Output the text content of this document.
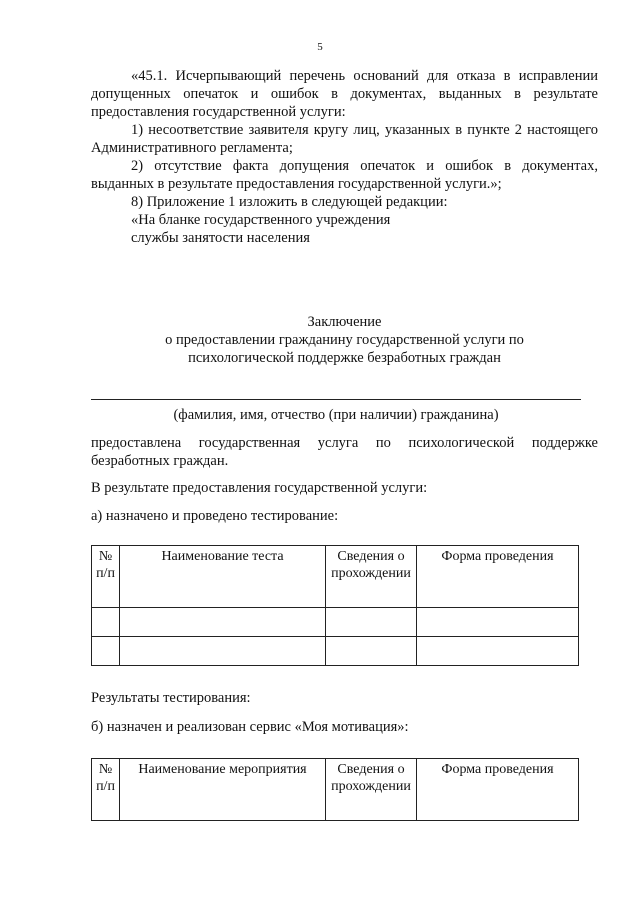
5

«45.1. Исчерпывающий перечень оснований для отказа в исправлении допущенных опечаток и ошибок в документах, выданных в результате предоставления государственной услуги:

1) несоответствие заявителя кругу лиц, указанных в пункте 2 настоящего Административного регламента;

2) отсутствие факта допущения опечаток и ошибок в документах, выданных в результате предоставления государственной услуги.»;

8) Приложение 1 изложить в следующей редакции:

«На бланке государственного учреждения

службы занятости населения

Заключение

о предоставлении гражданину государственной услуги по

психологической поддержке безработных граждан

(фамилия, имя, отчество (при наличии) гражданина)

предоставлена государственная услуга по психологической поддержке безработных граждан.

В результате предоставления государственной услуги:

а) назначено и проведено тестирование:

№ п/п	Наименование теста	Сведения о прохождении	Форма проведения

Результаты тестирования:

б) назначен и реализован сервис «Моя мотивация»:

№ п/п	Наименование мероприятия	Сведения о прохождении	Форма проведения
